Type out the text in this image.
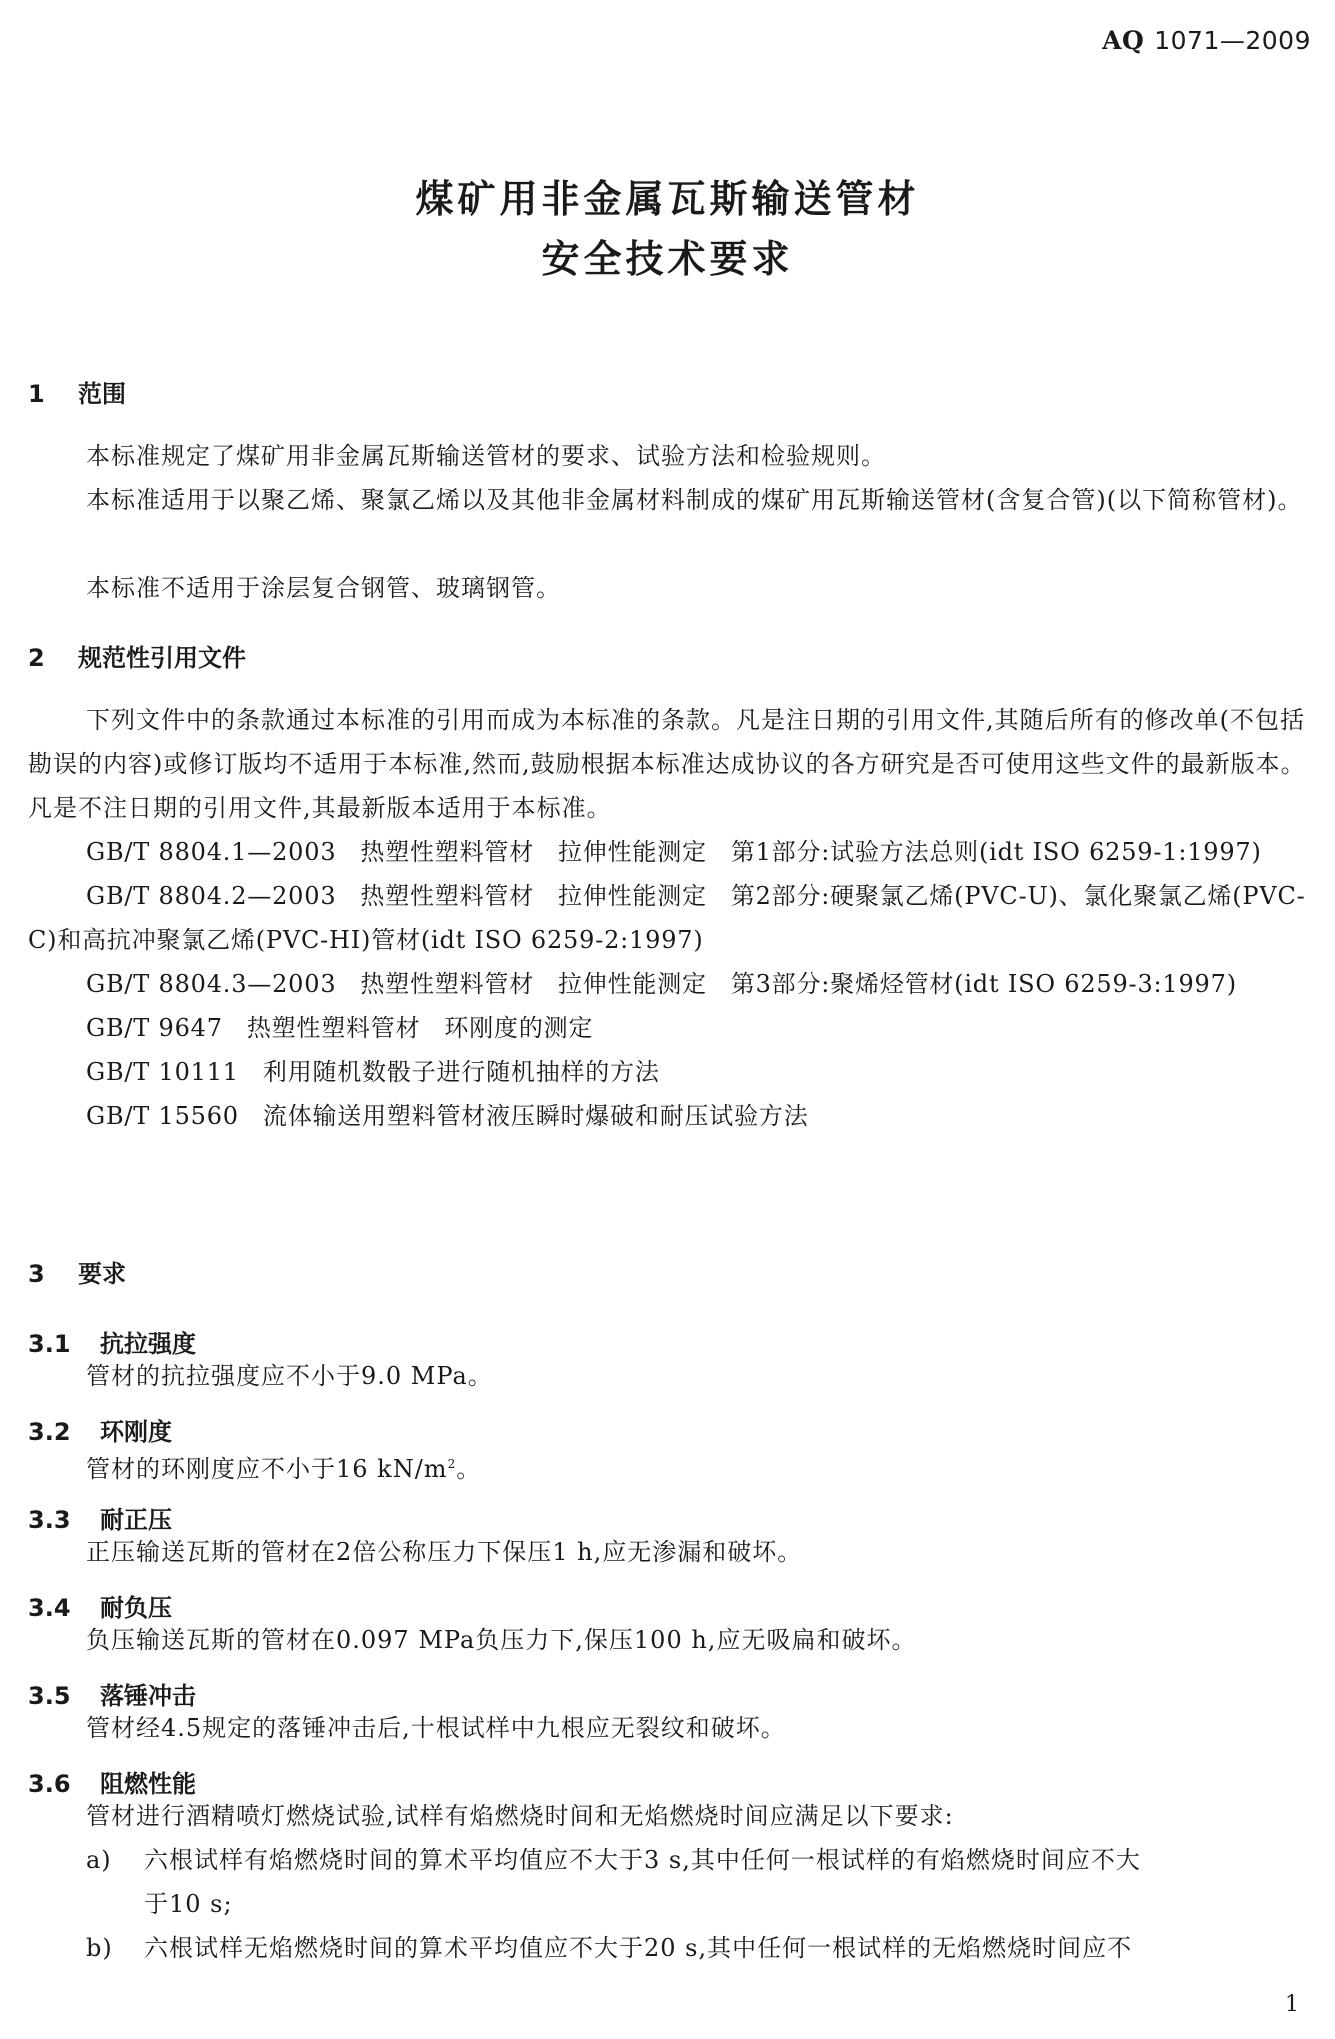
AQ 1071—2009
煤矿用非金属瓦斯输送管材
安全技术要求
1 范围
本标准规定了煤矿用非金属瓦斯输送管材的要求、试验方法和检验规则。
本标准适用于以聚乙烯、聚氯乙烯以及其他非金属材料制成的煤矿用瓦斯输送管材(含复合管)(以下简称管材)。
本标准不适用于涂层复合钢管、玻璃钢管。
2 规范性引用文件
下列文件中的条款通过本标准的引用而成为本标准的条款。凡是注日期的引用文件,其随后所有的修改单(不包括勘误的内容)或修订版均不适用于本标准,然而,鼓励根据本标准达成协议的各方研究是否可使用这些文件的最新版本。凡是不注日期的引用文件,其最新版本适用于本标准。
GB/T 8804.1—2003 热塑性塑料管材 拉伸性能测定 第1部分:试验方法总则(idt ISO 6259-1:1997)
GB/T 8804.2—2003 热塑性塑料管材 拉伸性能测定 第2部分:硬聚氯乙烯(PVC-U)、氯化聚氯乙烯(PVC-C)和高抗冲聚氯乙烯(PVC-HI)管材(idt ISO 6259-2:1997)
GB/T 8804.3—2003 热塑性塑料管材 拉伸性能测定 第3部分:聚烯烃管材(idt ISO 6259-3:1997)
GB/T 9647 热塑性塑料管材 环刚度的测定
GB/T 10111 利用随机数骰子进行随机抽样的方法
GB/T 15560 流体输送用塑料管材液压瞬时爆破和耐压试验方法
3 要求
3.1 抗拉强度
管材的抗拉强度应不小于9.0 MPa。
3.2 环刚度
管材的环刚度应不小于16 $kN/m^2$。
3.3 耐正压
正压输送瓦斯的管材在2倍公称压力下保压1 h,应无渗漏和破坏。
3.4 耐负压
负压输送瓦斯的管材在0.097 MPa负压力下,保压100 h,应无吸扁和破坏。
3.5 落锤冲击
管材经4.5规定的落锤冲击后,十根试样中九根应无裂纹和破坏。
3.6 阻燃性能
管材进行酒精喷灯燃烧试验,试样有焰燃烧时间和无焰燃烧时间应满足以下要求:
a) 六根试样有焰燃烧时间的算术平均值应不大于3 s,其中任何一根试样的有焰燃烧时间应不大
于10 s;
b) 六根试样无焰燃烧时间的算术平均值应不大于20 s,其中任何一根试样的无焰燃烧时间应不
1
